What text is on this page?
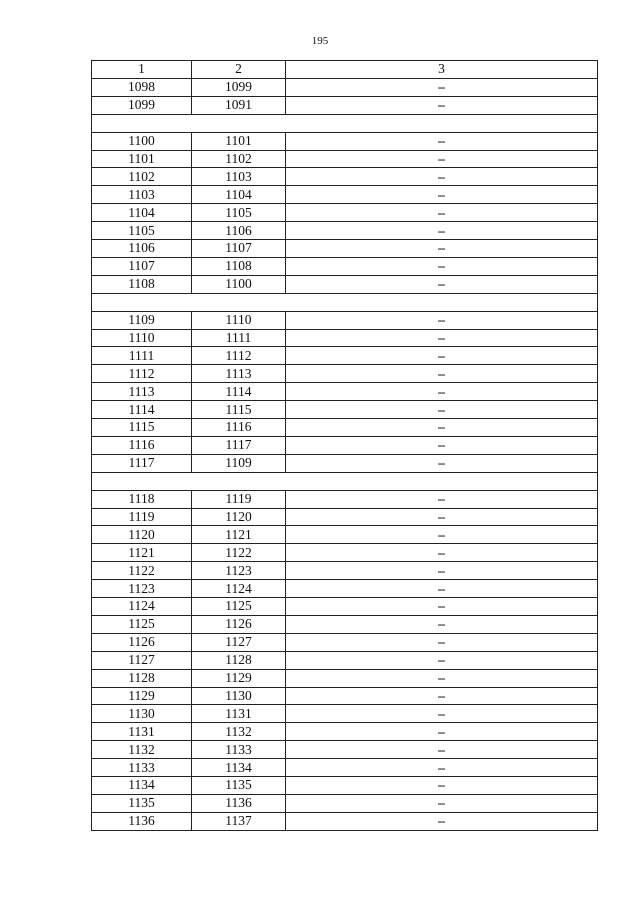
195
1	2	3
1098	1099	–
1099	1091	–

1100	1101	–
1101	1102	–
1102	1103	–
1103	1104	–
1104	1105	–
1105	1106	–
1106	1107	–
1107	1108	–
1108	1100	–

1109	1110	–
1110	1111	–
1111	1112	–
1112	1113	–
1113	1114	–
1114	1115	–
1115	1116	–
1116	1117	–
1117	1109	–

1118	1119	–
1119	1120	–
1120	1121	–
1121	1122	–
1122	1123	–
1123	1124	–
1124	1125	–
1125	1126	–
1126	1127	–
1127	1128	–
1128	1129	–
1129	1130	–
1130	1131	–
1131	1132	–
1132	1133	–
1133	1134	–
1134	1135	–
1135	1136	–
1136	1137	–
